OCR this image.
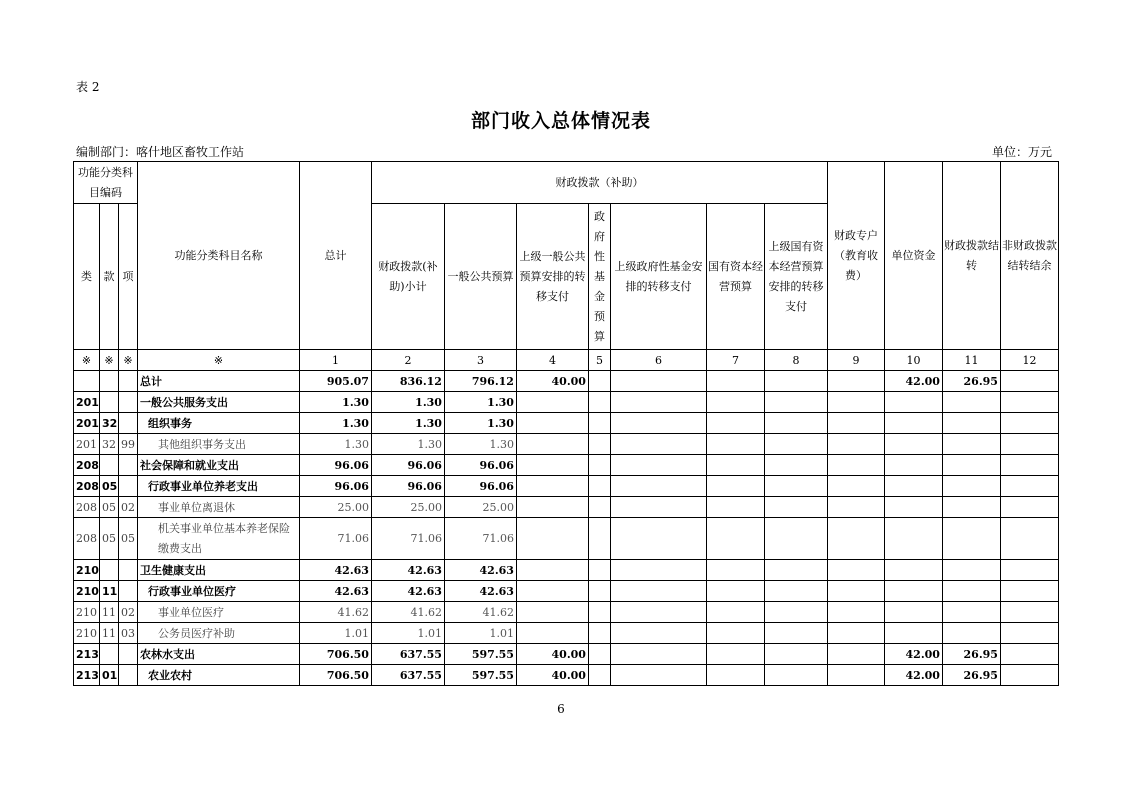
表 2
部门收入总体情况表
编制部门：喀什地区畜牧工作站	单位：万元
功能分类科目编码			功能分类科目名称	总计	财政拨款（补助）							财政专户（教育收费）	单位资金	财政拨款结转	非财政拨款结转结余
类	款	项			财政拨款(补助)小计	一般公共预算	上级一般公共预算安排的转移支付	政府性基金预算	上级政府性基金安排的转移支付	国有资本经营预算	上级国有资本经营预算安排的转移支付				
※	※	※	※	1	2	3	4	5	6	7	8	9	10	11	12
			总计	905.07	836.12	796.12	40.00						42.00	26.95	
201			一般公共服务支出	1.30	1.30	1.30									
201	32		组织事务	1.30	1.30	1.30									
201	32	99	其他组织事务支出	1.30	1.30	1.30									
208			社会保障和就业支出	96.06	96.06	96.06									
208	05		行政事业单位养老支出	96.06	96.06	96.06									
208	05	02	事业单位离退休	25.00	25.00	25.00									
208	05	05	机关事业单位基本养老保险缴费支出	71.06	71.06	71.06									
210			卫生健康支出	42.63	42.63	42.63									
210	11		行政事业单位医疗	42.63	42.63	42.63									
210	11	02	事业单位医疗	41.62	41.62	41.62									
210	11	03	公务员医疗补助	1.01	1.01	1.01									
213			农林水支出	706.50	637.55	597.55	40.00						42.00	26.95	
213	01		农业农村	706.50	637.55	597.55	40.00						42.00	26.95	
6
